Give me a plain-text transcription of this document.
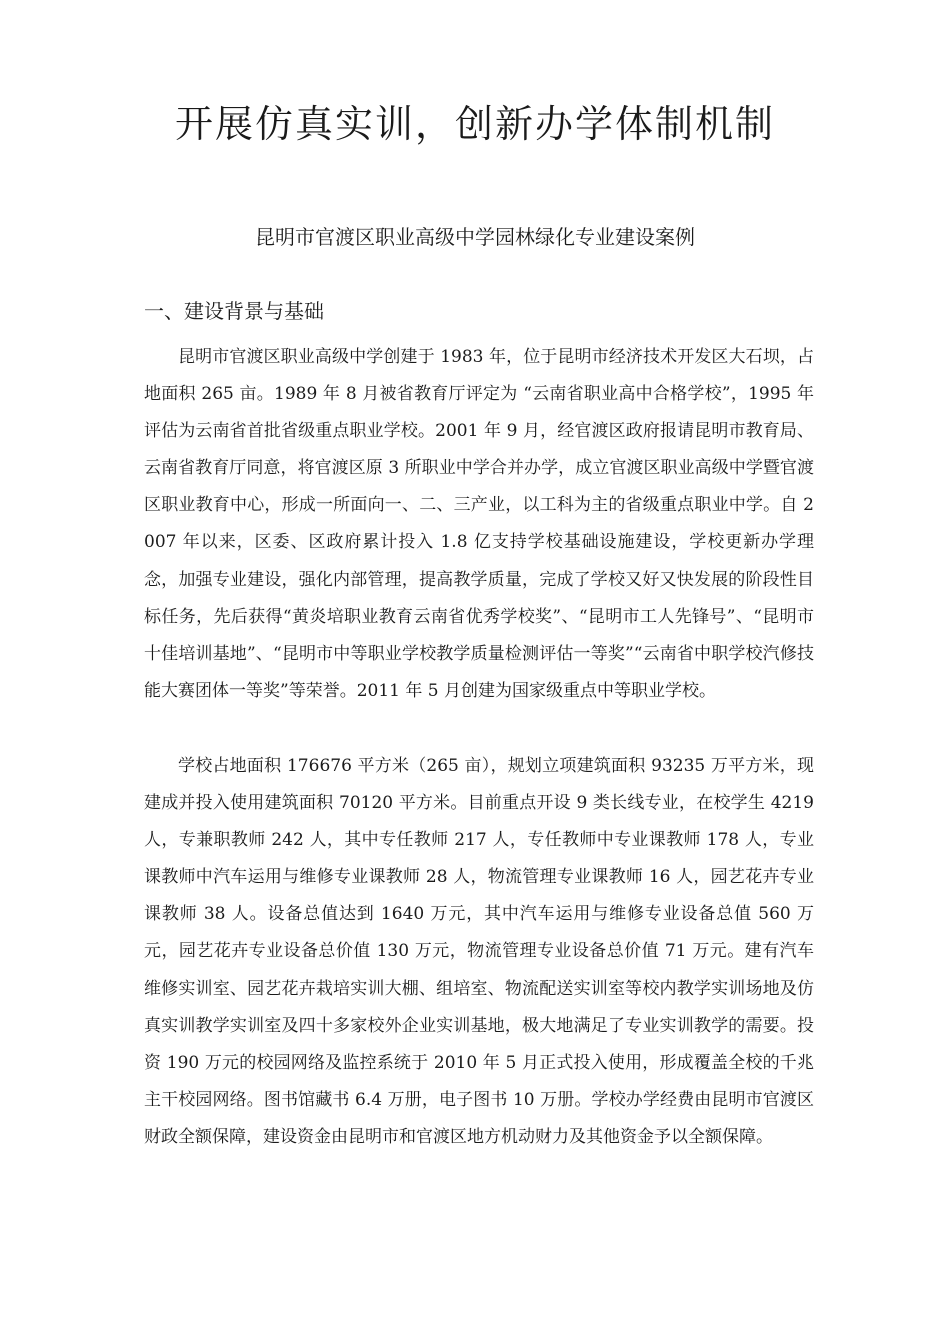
开展仿真实训，创新办学体制机制
昆明市官渡区职业高级中学园林绿化专业建设案例
一、建设背景与基础

昆明市官渡区职业高级中学创建于 1983 年，位于昆明市经济技术开发区大石坝，占地面积 265 亩。1989 年 8 月被省教育厅评定为 “云南省职业高中合格学校”，1995 年评估为云南省首批省级重点职业学校。2001 年 9 月，经官渡区政府报请昆明市教育局、云南省教育厅同意，将官渡区原 3 所职业中学合并办学，成立官渡区职业高级中学暨官渡区职业教育中心，形成一所面向一、二、三产业，以工科为主的省级重点职业中学。自 2007 年以来，区委、区政府累计投入 1.8 亿支持学校基础设施建设，学校更新办学理念，加强专业建设，强化内部管理，提高教学质量，完成了学校又好又快发展的阶段性目标任务，先后获得“黄炎培职业教育云南省优秀学校奖”、“昆明市工人先锋号”、“昆明市十佳培训基地”、“昆明市中等职业学校教学质量检测评估一等奖”“云南省中职学校汽修技能大赛团体一等奖”等荣誉。2011 年 5 月创建为国家级重点中等职业学校。

学校占地面积 176676 平方米（265 亩），规划立项建筑面积 93235 万平方米，现建成并投入使用建筑面积 70120 平方米。目前重点开设 9 类长线专业，在校学生 4219 人，专兼职教师 242 人，其中专任教师 217 人，专任教师中专业课教师 178 人，专业课教师中汽车运用与维修专业课教师 28 人，物流管理专业课教师 16 人，园艺花卉专业课教师 38 人。设备总值达到 1640 万元，其中汽车运用与维修专业设备总值 560 万元，园艺花卉专业设备总价值 130 万元，物流管理专业设备总价值 71 万元。建有汽车维修实训室、园艺花卉栽培实训大棚、组培室、物流配送实训室等校内教学实训场地及仿真实训教学实训室及四十多家校外企业实训基地，极大地满足了专业实训教学的需要。投资 190 万元的校园网络及监控系统于 2010 年 5 月正式投入使用，形成覆盖全校的千兆主干校园网络。图书馆藏书 6.4 万册，电子图书 10 万册。学校办学经费由昆明市官渡区财政全额保障，建设资金由昆明市和官渡区地方机动财力及其他资金予以全额保障。
